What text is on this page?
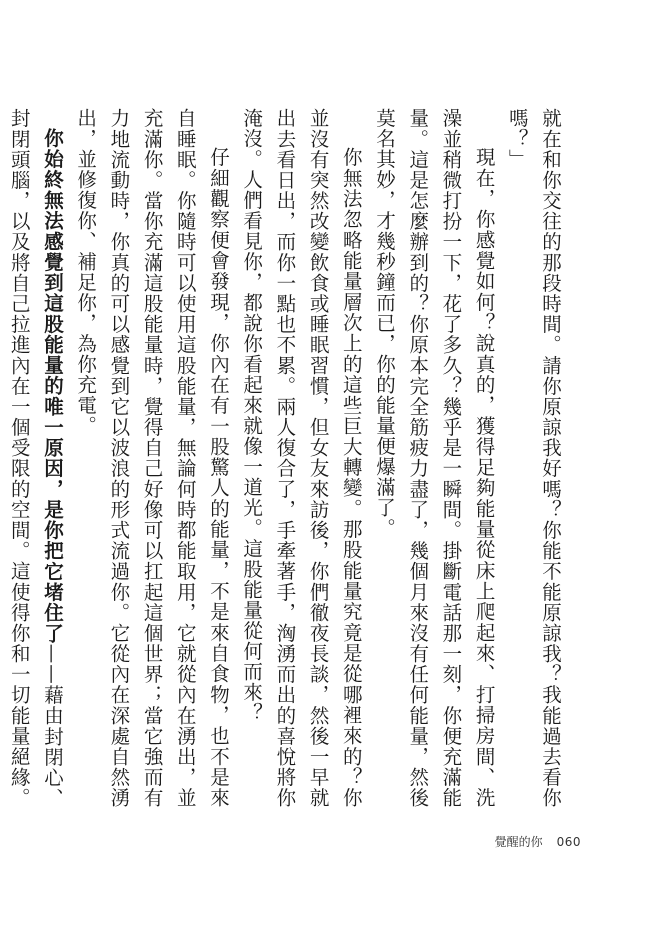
就在和你交往的那段時間。請你原諒我好嗎？你能不能原諒我？我能過去看你嗎？」

現在，你感覺如何？說真的，獲得足夠能量從床上爬起來、打掃房間、洗澡並稍微打扮一下，花了多久？幾乎是一瞬間。掛斷電話那一刻，你便充滿能量。這是怎麼辦到的？你原本完全筋疲力盡了，幾個月來沒有任何能量，然後莫名其妙，才幾秒鐘而已，你的能量便爆滿了。

你無法忽略能量層次上的這些巨大轉變。那股能量究竟是從哪裡來的？你並沒有突然改變飲食或睡眠習慣，但女友來訪後，你們徹夜長談，然後一早就出去看日出，而你一點也不累。兩人復合了，手牽著手，洶湧而出的喜悅將你淹沒。人們看見你，都說你看起來就像一道光。這股能量從何而來？

仔細觀察便會發現，你內在有一股驚人的能量，不是來自食物，也不是來自睡眠。你隨時可以使用這股能量，無論何時都能取用，它就從內在湧出，並充滿你。當你充滿這股能量時，覺得自己好像可以扛起這個世界；當它強而有力地流動時，你真的可以感覺到它以波浪的形式流過你。它從內在深處自然湧出，並修復你、補足你，為你充電。

你始終無法感覺到這股能量的唯一原因，是你把它堵住了——藉由封閉心、封閉頭腦，以及將自己拉進內在一個受限的空間。這使得你和一切能量絕緣。

覺醒的你 060
